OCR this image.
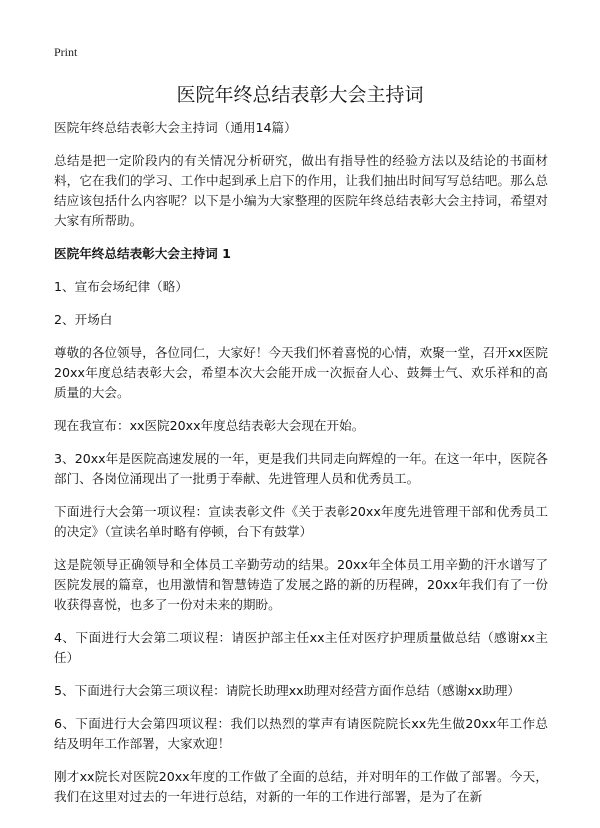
Print
医院年终总结表彰大会主持词

医院年终总结表彰大会主持词（通用14篇）

总结是把一定阶段内的有关情况分析研究，做出有指导性的经验方法以及结论的书面材料，它在我们的学习、工作中起到承上启下的作用，让我们抽出时间写写总结吧。那么总结应该包括什么内容呢？以下是小编为大家整理的医院年终总结表彰大会主持词，希望对大家有所帮助。

医院年终总结表彰大会主持词 1

1、宣布会场纪律（略）

2、开场白

尊敬的各位领导，各位同仁，大家好！今天我们怀着喜悦的心情，欢聚一堂，召开xx医院20xx年度总结表彰大会，希望本次大会能开成一次振奋人心、鼓舞士气、欢乐祥和的高质量的大会。

现在我宣布：xx医院20xx年度总结表彰大会现在开始。

3、20xx年是医院高速发展的一年，更是我们共同走向辉煌的一年。在这一年中，医院各部门、各岗位涌现出了一批勇于奉献、先进管理人员和优秀员工。

下面进行大会第一项议程：宣读表彰文件《关于表彰20xx年度先进管理干部和优秀员工的决定》（宣读名单时略有停顿，台下有鼓掌）

这是院领导正确领导和全体员工辛勤劳动的结果。20xx年全体员工用辛勤的汗水谱写了医院发展的篇章，也用激情和智慧铸造了发展之路的新的历程碑，20xx年我们有了一份收获得喜悦，也多了一份对未来的期盼。

4、下面进行大会第二项议程：请医护部主任xx主任对医疗护理质量做总结（感谢xx主任）

5、下面进行大会第三项议程：请院长助理xx助理对经营方面作总结（感谢xx助理）

6、下面进行大会第四项议程：我们以热烈的掌声有请医院院长xx先生做20xx年工作总结及明年工作部署，大家欢迎！

刚才xx院长对医院20xx年度的工作做了全面的总结，并对明年的工作做了部署。今天，我们在这里对过去的一年进行总结，对新的一年的工作进行部署，是为了在新
